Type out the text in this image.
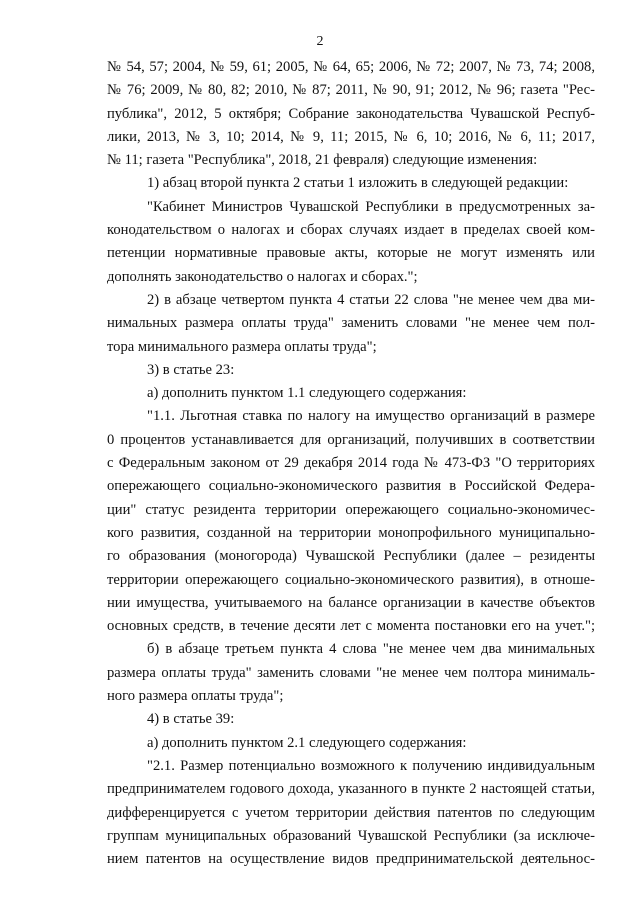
2
№ 54, 57; 2004, № 59, 61; 2005, № 64, 65; 2006, № 72; 2007, № 73, 74; 2008,
№ 76; 2009, № 80, 82; 2010, № 87; 2011, № 90, 91; 2012, № 96; газета "Рес-
публика", 2012, 5 октября; Собрание законодательства Чувашской Респуб-
лики, 2013, № 3, 10; 2014, № 9, 11; 2015, № 6, 10; 2016, № 6, 11; 2017,
№ 11; газета "Республика", 2018, 21 февраля) следующие изменения:
1) абзац второй пункта 2 статьи 1 изложить в следующей редакции:
"Кабинет Министров Чувашской Республики в предусмотренных за-
конодательством о налогах и сборах случаях издает в пределах своей ком-
петенции нормативные правовые акты, которые не могут изменять или
дополнять законодательство о налогах и сборах.";
2) в абзаце четвертом пункта 4 статьи 22 слова "не менее чем два ми-
нимальных размера оплаты труда" заменить словами "не менее чем пол-
тора минимального размера оплаты труда";
3) в статье 23:
а) дополнить пунктом 1.1 следующего содержания:
"1.1. Льготная ставка по налогу на имущество организаций в размере
0 процентов устанавливается для организаций, получивших в соответствии
с Федеральным законом от 29 декабря 2014 года № 473-ФЗ "О территориях
опережающего социально-экономического развития в Российской Федера-
ции" статус резидента территории опережающего социально-экономичес-
кого развития, созданной на территории монопрофильного муниципально-
го образования (моногорода) Чувашской Республики (далее – резиденты
территории опережающего социально-экономического развития), в отноше-
нии имущества, учитываемого на балансе организации в качестве объектов
основных средств, в течение десяти лет с момента постановки его на учет.";
б) в абзаце третьем пункта 4 слова "не менее чем два минимальных
размера оплаты труда" заменить словами "не менее чем полтора минималь-
ного размера оплаты труда";
4) в статье 39:
а) дополнить пунктом 2.1 следующего содержания:
"2.1. Размер потенциально возможного к получению индивидуальным
предпринимателем годового дохода, указанного в пункте 2 настоящей статьи,
дифференцируется с учетом территории действия патентов по следующим
группам муниципальных образований Чувашской Республики (за исключе-
нием патентов на осуществление видов предпринимательской деятельнос-
